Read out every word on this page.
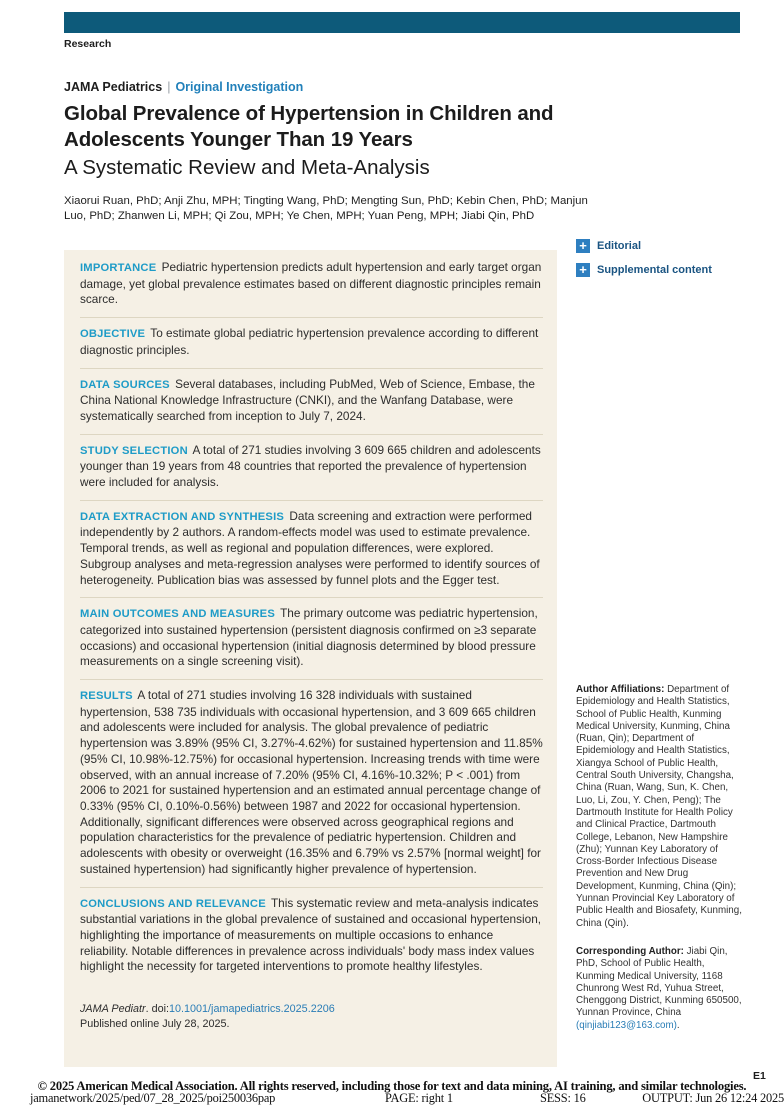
Research
JAMA Pediatrics | Original Investigation
Global Prevalence of Hypertension in Children and Adolescents Younger Than 19 Years
A Systematic Review and Meta-Analysis
Xiaorui Ruan, PhD; Anji Zhu, MPH; Tingting Wang, PhD; Mengting Sun, PhD; Kebin Chen, PhD; Manjun Luo, PhD; Zhanwen Li, MPH; Qi Zou, MPH; Ye Chen, MPH; Yuan Peng, MPH; Jiabi Qin, PhD

IMPORTANCE Pediatric hypertension predicts adult hypertension and early target organ damage, yet global prevalence estimates based on different diagnostic principles remain scarce.

OBJECTIVE To estimate global pediatric hypertension prevalence according to different diagnostic principles.

DATA SOURCES Several databases, including PubMed, Web of Science, Embase, the China National Knowledge Infrastructure (CNKI), and the Wanfang Database, were systematically searched from inception to July 7, 2024.

STUDY SELECTION A total of 271 studies involving 3 609 665 children and adolescents younger than 19 years from 48 countries that reported the prevalence of hypertension were included for analysis.

DATA EXTRACTION AND SYNTHESIS Data screening and extraction were performed independently by 2 authors. A random-effects model was used to estimate prevalence. Temporal trends, as well as regional and population differences, were explored. Subgroup analyses and meta-regression analyses were performed to identify sources of heterogeneity. Publication bias was assessed by funnel plots and the Egger test.

MAIN OUTCOMES AND MEASURES The primary outcome was pediatric hypertension, categorized into sustained hypertension (persistent diagnosis confirmed on ≥3 separate occasions) and occasional hypertension (initial diagnosis determined by blood pressure measurements on a single screening visit).

RESULTS A total of 271 studies involving 16 328 individuals with sustained hypertension, 538 735 individuals with occasional hypertension, and 3 609 665 children and adolescents were included for analysis. The global prevalence of pediatric hypertension was 3.89% (95% CI, 3.27%-4.62%) for sustained hypertension and 11.85% (95% CI, 10.98%-12.75%) for occasional hypertension. Increasing trends with time were observed, with an annual increase of 7.20% (95% CI, 4.16%-10.32%; P < .001) from 2006 to 2021 for sustained hypertension and an estimated annual percentage change of 0.33% (95% CI, 0.10%-0.56%) between 1987 and 2022 for occasional hypertension. Additionally, significant differences were observed across geographical regions and population characteristics for the prevalence of pediatric hypertension. Children and adolescents with obesity or overweight (16.35% and 6.79% vs 2.57% [normal weight] for sustained hypertension) had significantly higher prevalence of hypertension.

CONCLUSIONS AND RELEVANCE This systematic review and meta-analysis indicates substantial variations in the global prevalence of sustained and occasional hypertension, highlighting the importance of measurements on multiple occasions to enhance reliability. Notable differences in prevalence across individuals' body mass index values highlight the necessity for targeted interventions to promote healthy lifestyles.

JAMA Pediatr. doi:10.1001/jamapediatrics.2025.2206
Published online July 28, 2025.
+
Editorial
+
Supplemental content
Author Affiliations: Department of Epidemiology and Health Statistics, School of Public Health, Kunming Medical University, Kunming, China (Ruan, Qin); Department of Epidemiology and Health Statistics, Xiangya School of Public Health, Central South University, Changsha, China (Ruan, Wang, Sun, K. Chen, Luo, Li, Zou, Y. Chen, Peng); The Dartmouth Institute for Health Policy and Clinical Practice, Dartmouth College, Lebanon, New Hampshire (Zhu); Yunnan Key Laboratory of Cross-Border Infectious Disease Prevention and New Drug Development, Kunming, China (Qin); Yunnan Provincial Key Laboratory of Public Health and Biosafety, Kunming, China (Qin).
Corresponding Author: Jiabi Qin, PhD, School of Public Health, Kunming Medical University, 1168 Chunrong West Rd, Yuhua Street, Chenggong District, Kunming 650500, Yunnan Province, China (qinjiabi123@163.com).
E1
© 2025 American Medical Association. All rights reserved, including those for text and data mining, AI training, and similar technologies.
jamanetwork/2025/ped/07_28_2025/poi250036pap	PAGE: right 1	SESS: 16	OUTPUT: Jun 26 12:24 2025
